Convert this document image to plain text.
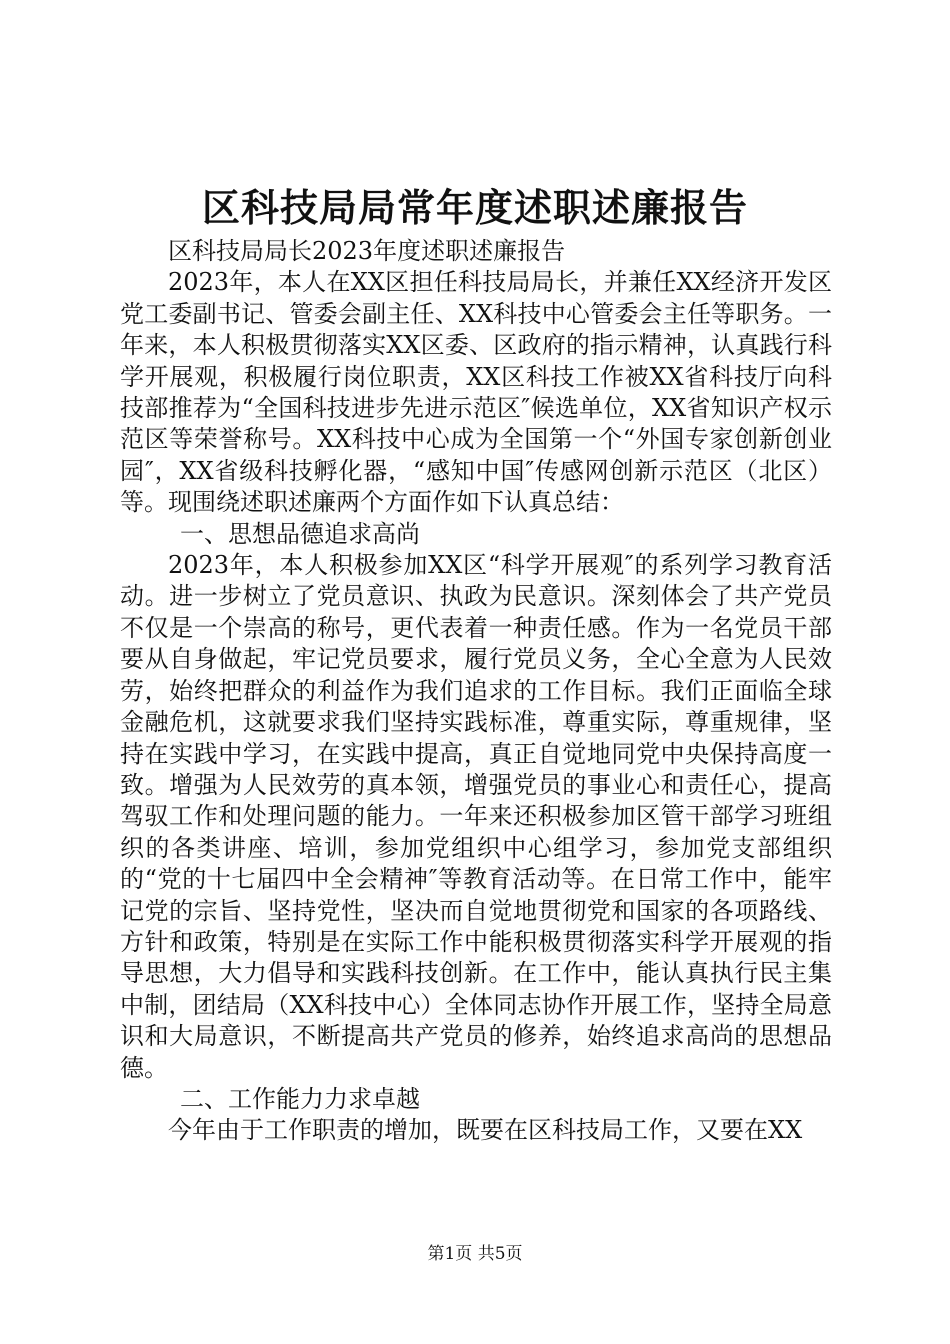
区科技局局常年度述职述廉报告

区科技局局长2023年度述职述廉报告

2023年，本人在XX区担任科技局局长，并兼任XX经济开发区党工委副书记、管委会副主任、XX科技中心管委会主任等职务。一年来，本人积极贯彻落实XX区委、区政府的指示精神，认真践行科学开展观，积极履行岗位职责，XX区科技工作被XX省科技厅向科技部推荐为“全国科技进步先进示范区″候选单位，XX省知识产权示范区等荣誉称号。XX科技中心成为全国第一个“外国专家创新创业园″，XX省级科技孵化器，“感知中国″传感网创新示范区（北区）等。现围绕述职述廉两个方面作如下认真总结：

一、思想品德追求高尚

2023年，本人积极参加XX区“科学开展观″的系列学习教育活动。进一步树立了党员意识、执政为民意识。深刻体会了共产党员不仅是一个崇高的称号，更代表着一种责任感。作为一名党员干部要从自身做起，牢记党员要求，履行党员义务，全心全意为人民效劳，始终把群众的利益作为我们追求的工作目标。我们正面临全球金融危机，这就要求我们坚持实践标准，尊重实际，尊重规律，坚持在实践中学习，在实践中提高，真正自觉地同党中央保持高度一致。增强为人民效劳的真本领，增强党员的事业心和责任心，提高驾驭工作和处理问题的能力。一年来还积极参加区管干部学习班组织的各类讲座、培训，参加党组织中心组学习，参加党支部组织的“党的十七届四中全会精神″等教育活动等。在日常工作中，能牢记党的宗旨、坚持党性，坚决而自觉地贯彻党和国家的各项路线、方针和政策，特别是在实际工作中能积极贯彻落实科学开展观的指导思想，大力倡导和实践科技创新。在工作中，能认真执行民主集中制，团结局（XX科技中心）全体同志协作开展工作，坚持全局意识和大局意识，不断提高共产党员的修养，始终追求高尚的思想品德。

二、工作能力力求卓越

今年由于工作职责的增加，既要在区科技局工作，又要在XX

第1页 共5页
